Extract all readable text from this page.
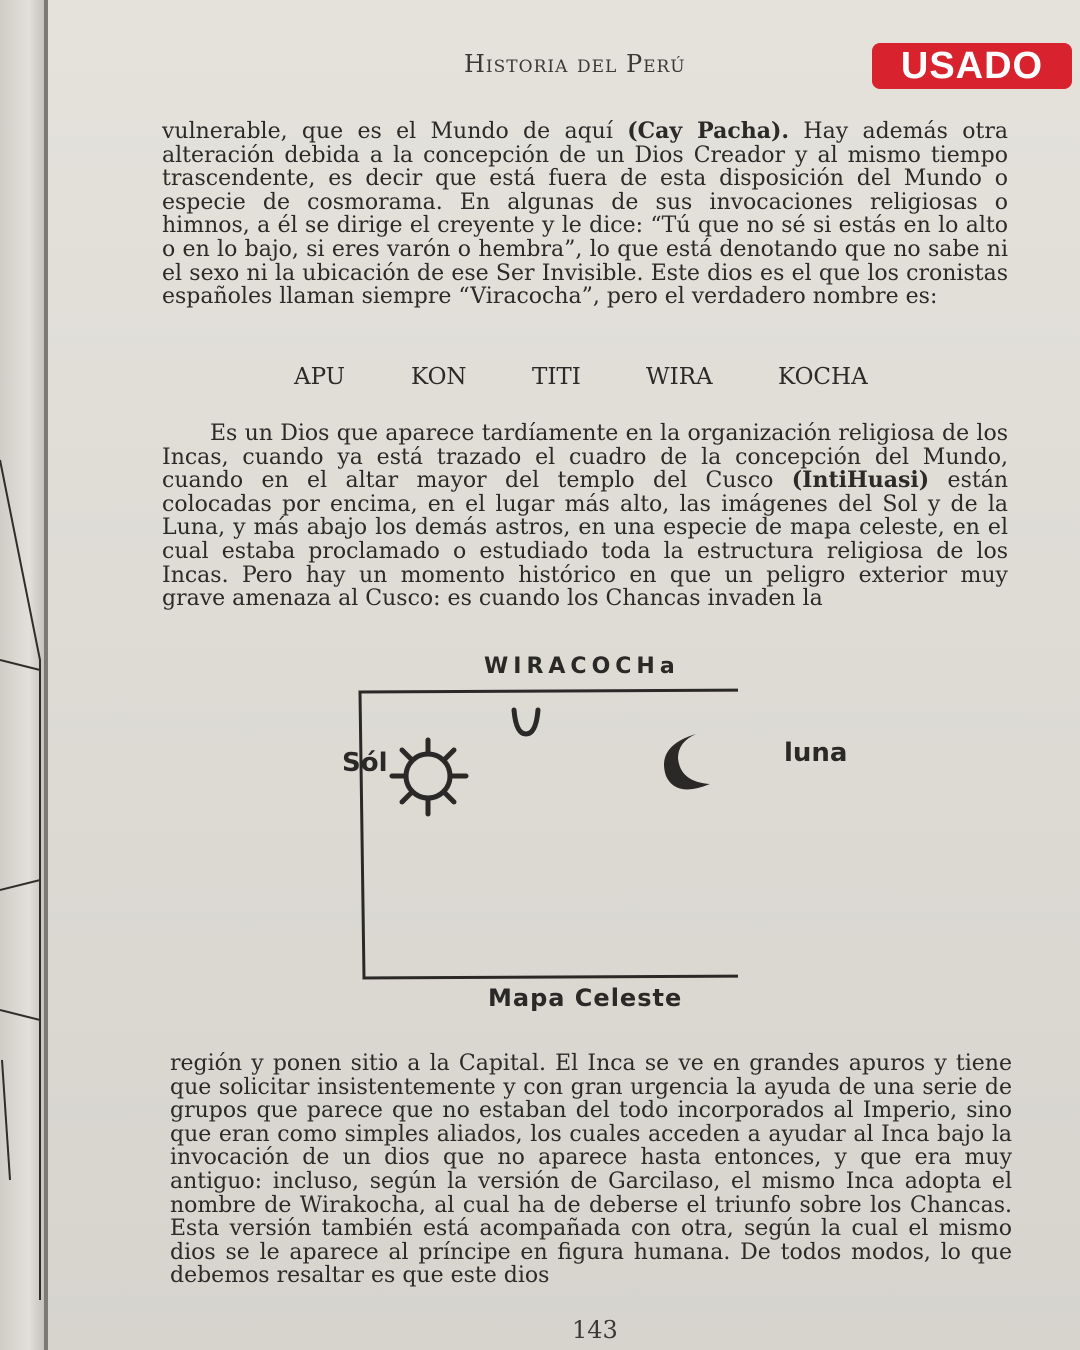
Historia del Perú	USADO

vulnerable, que es el Mundo de aquí (Cay Pacha). Hay además otra alteración debida a la concepción de un Dios Creador y al mismo tiempo trascendente, es decir que está fuera de esta disposición del Mundo o especie de cosmorama. En algunas de sus invocaciones religiosas o himnos, a él se dirige el creyente y le dice: “Tú que no sé si estás en lo alto o en lo bajo, si eres varón o hembra”, lo que está denotando que no sabe ni el sexo ni la ubicación de ese Ser Invisible. Este dios es el que los cronistas españoles llaman siempre “Viracocha”, pero el verdadero nombre es:

APU	KON	TITI	WIRA	KOCHA

Es un Dios que aparece tardíamente en la organización religiosa de los Incas, cuando ya está trazado el cuadro de la concepción del Mundo, cuando en el altar mayor del templo del Cusco (IntiHuasi) están colocadas por encima, en el lugar más alto, las imágenes del Sol y de la Luna, y más abajo los demás astros, en una especie de mapa celeste, en el cual estaba proclamado o estudiado toda la estructura religiosa de los Incas. Pero hay un momento histórico en que un peligro exterior muy grave amenaza al Cusco: es cuando los Chancas invaden la

WIRACOCHa
Sól	luna
Mapa Celeste

región y ponen sitio a la Capital. El Inca se ve en grandes apuros y tiene que solicitar insistentemente y con gran urgencia la ayuda de una serie de grupos que parece que no estaban del todo incorporados al Imperio, sino que eran como simples aliados, los cuales acceden a ayudar al Inca bajo la invocación de un dios que no aparece hasta entonces, y que era muy antiguo: incluso, según la versión de Garcilaso, el mismo Inca adopta el nombre de Wirakocha, al cual ha de deberse el triunfo sobre los Chancas. Esta versión también está acompañada con otra, según la cual el mismo dios se le aparece al príncipe en figura humana. De todos modos, lo que debemos resaltar es que este dios

143
